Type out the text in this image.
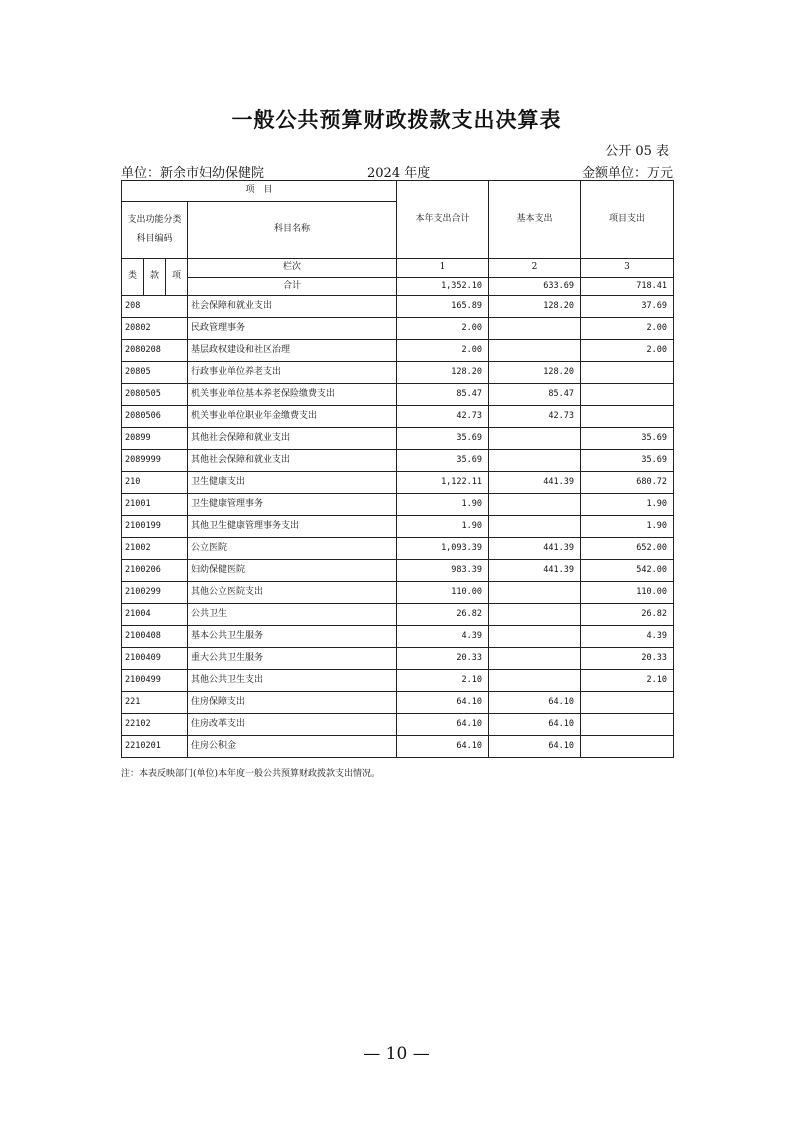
一般公共预算财政拨款支出决算表
公开 05 表
单位：新余市妇幼保健院	2024 年度	金额单位：万元
项　目				本年支出合计	基本支出	项目支出
支出功能分类
科目编码			科目名称			

类	款	项	栏次	1	2	3
			合计	1,352.10	633.69	718.41
208			社会保障和就业支出	165.89	128.20	37.69
20802			民政管理事务	2.00		2.00
2080208			基层政权建设和社区治理	2.00		2.00
20805			行政事业单位养老支出	128.20	128.20	
2080505			机关事业单位基本养老保险缴费支出	85.47	85.47	
2080506			机关事业单位职业年金缴费支出	42.73	42.73	
20899			其他社会保障和就业支出	35.69		35.69
2089999			其他社会保障和就业支出	35.69		35.69
210			卫生健康支出	1,122.11	441.39	680.72
21001			卫生健康管理事务	1.90		1.90
2100199			其他卫生健康管理事务支出	1.90		1.90
21002			公立医院	1,093.39	441.39	652.00
2100206			妇幼保健医院	983.39	441.39	542.00
2100299			其他公立医院支出	110.00		110.00
21004			公共卫生	26.82		26.82
2100408			基本公共卫生服务	4.39		4.39
2100409			重大公共卫生服务	20.33		20.33
2100499			其他公共卫生支出	2.10		2.10
221			住房保障支出	64.10	64.10	
22102			住房改革支出	64.10	64.10	
2210201			住房公积金	64.10	64.10	
注：本表反映部门(单位)本年度一般公共预算财政拨款支出情况。
— 10 —
